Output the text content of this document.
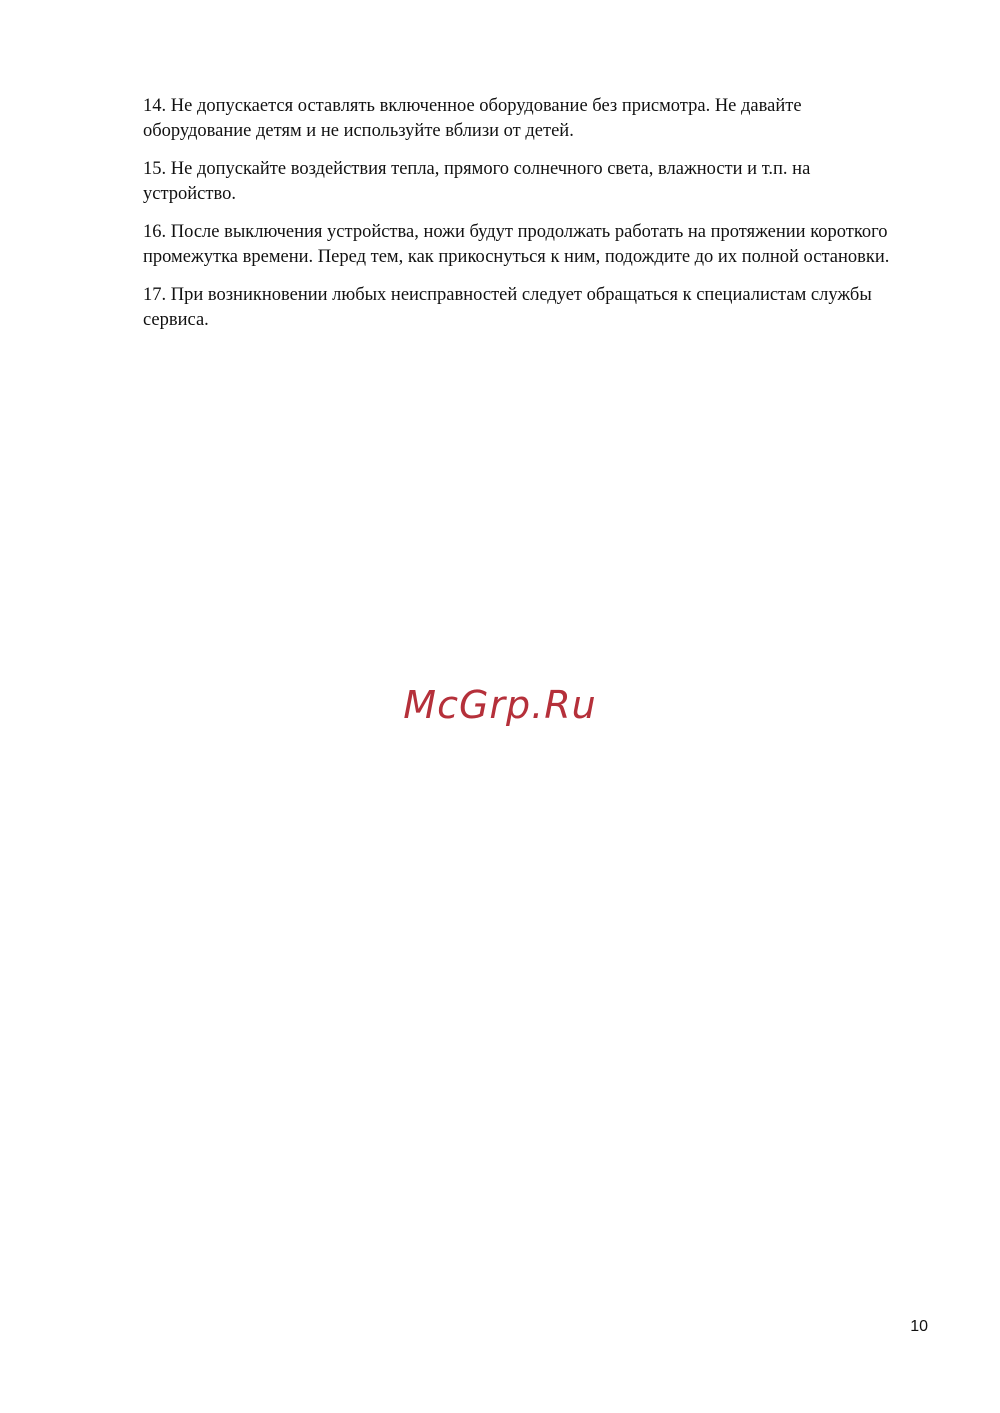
14. Не допускается оставлять включенное оборудование без присмотра. Не давайте оборудование детям и не используйте вблизи от детей.

15. Не допускайте воздействия тепла, прямого солнечного света, влажности и т.п. на устройство.

16. После выключения устройства, ножи будут продолжать работать на протяжении короткого промежутка времени. Перед тем, как прикоснуться к ним, подождите до их полной остановки.

17. При возникновении любых неисправностей следует обращаться к специалистам службы сервиса.

McGrp.Ru
10
